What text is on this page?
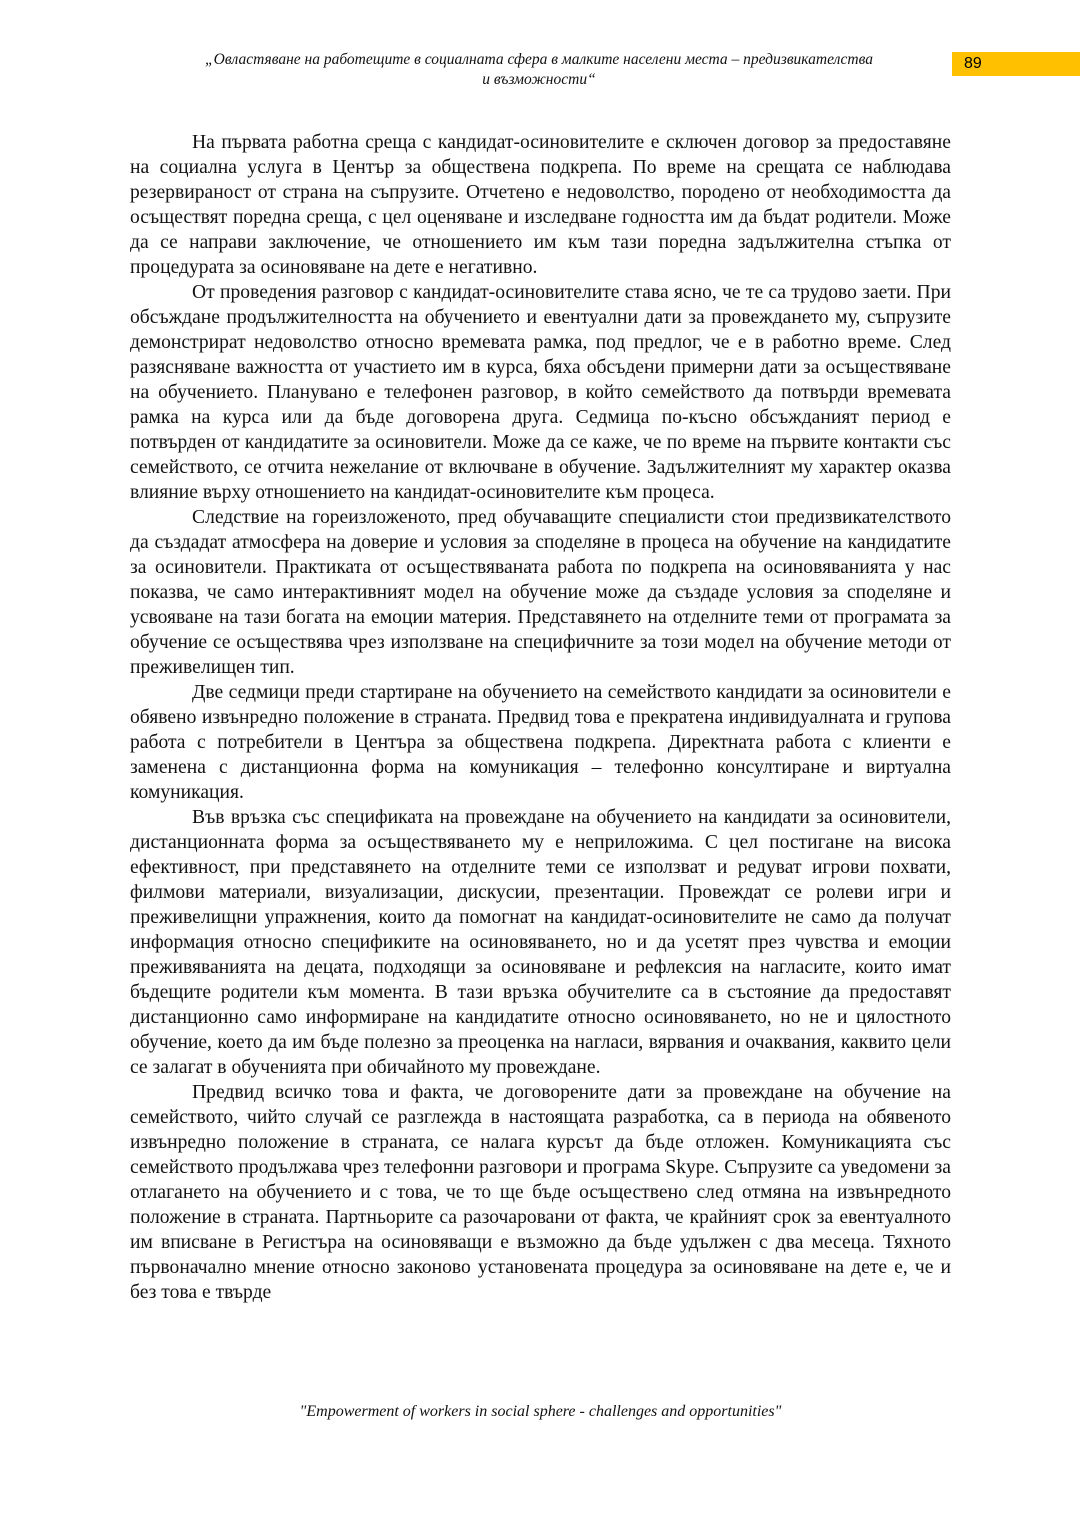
„Овластяване на работещите в социалната сфера в малките населени места – предизвикателства
и възможности“
89

На първата работна среща с кандидат-осиновителите е сключен договор за предоставяне на социална услуга в Център за обществена подкрепа. По време на срещата се наблюдава резервираност от страна на съпрузите. Отчетено е недоволство, породено от необходимостта да осъществят поредна среща, с цел оценяване и изследване годността им да бъдат родители. Може да се направи заключение, че отношението им към тази поредна задължителна стъпка от процедурата за осиновяване на дете е негативно.

От проведения разговор с кандидат-осиновителите става ясно, че те са трудово заети. При обсъждане продължителността на обучението и евентуални дати за провеждането му, съпрузите демонстрират недоволство относно времевата рамка, под предлог, че е в работно време. След разясняване важността от участието им в курса, бяха обсъдени примерни дати за осъществяване на обучението. Планувано е телефонен разговор, в който семейството да потвърди времевата рамка на курса или да бъде договорена друга. Седмица по-късно обсъжданият период е потвърден от кандидатите за осиновители. Може да се каже, че по време на първите контакти със семейството, се отчита нежелание от включване в обучение. Задължителният му характер оказва влияние върху отношението на кандидат-осиновителите към процеса.

Следствие на гореизложеното, пред обучаващите специалисти стои предизвикателството да създадат атмосфера на доверие и условия за споделяне в процеса на обучение на кандидатите за осиновители. Практиката от осъществяваната работа по подкрепа на осиновяванията у нас показва, че само интерактивният модел на обучение може да създаде условия за споделяне и усвояване на тази богата на емоции материя. Представянето на отделните теми от програмата за обучение се осъществява чрез използване на специфичните за този модел на обучение методи от преживелищен тип.

Две седмици преди стартиране на обучението на семейството кандидати за осиновители е обявено извънредно положение в страната. Предвид това е прекратена индивидуалната и групова работа с потребители в Центъра за обществена подкрепа. Директната работа с клиенти е заменена с дистанционна форма на комуникация – телефонно консултиране и виртуална комуникация.

Във връзка със спецификата на провеждане на обучението на кандидати за осиновители, дистанционната форма за осъществяването му е неприложима. С цел постигане на висока ефективност, при представянето на отделните теми се използват и редуват игрови похвати, филмови материали, визуализации, дискусии, презентации. Провеждат се ролеви игри и преживелищни упражнения, които да помогнат на кандидат-осиновителите не само да получат информация относно спецификите на осиновяването, но и да усетят през чувства и емоции преживяванията на децата, подходящи за осиновяване и рефлексия на нагласите, които имат бъдещите родители към момента. В тази връзка обучителите са в състояние да предоставят дистанционно само информиране на кандидатите относно осиновяването, но не и цялостното обучение, което да им бъде полезно за преоценка на нагласи, вярвания и очаквания, каквито цели се залагат в обученията при обичайното му провеждане.

Предвид всичко това и факта, че договорените дати за провеждане на обучение на семейството, чийто случай се разглежда в настоящата разработка, са в периода на обявеното извънредно положение в страната, се налага курсът да бъде отложен. Комуникацията със семейството продължава чрез телефонни разговори и програма Skype. Съпрузите са уведомени за отлагането на обучението и с това, че то ще бъде осъществено след отмяна на извънредното положение в страната. Партньорите са разочаровани от факта, че крайният срок за евентуалното им вписване в Регистъра на осиновяващи е възможно да бъде удължен с два месеца. Тяхното първоначално мнение относно законово установената процедура за осиновяване на дете е, че и без това е твърде

"Empowerment of workers in social sphere - challenges and opportunities"
